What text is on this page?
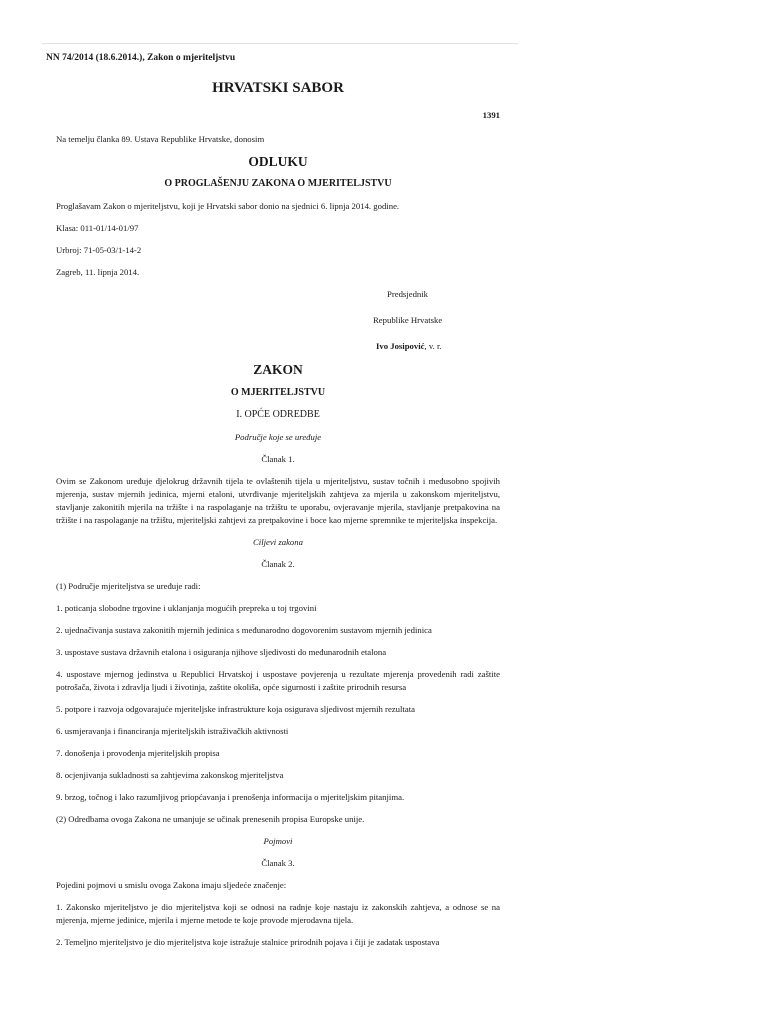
NN 74/2014 (18.6.2014.), Zakon o mjeriteljstvu

HRVATSKI SABOR

1391

Na temelju članka 89. Ustava Republike Hrvatske, donosim

ODLUKU

O PROGLAŠENJU ZAKONA O MJERITELJSTVU

Proglašavam Zakon o mjeriteljstvu, koji je Hrvatski sabor donio na sjednici 6. lipnja 2014. godine.

Klasa: 011-01/14-01/97

Urbroj: 71-05-03/1-14-2

Zagreb, 11. lipnja 2014.

Predsjednik

Republike Hrvatske

Ivo Josipović, v. r.

ZAKON

O MJERITELJSTVU

I. OPĆE ODREDBE

Područje koje se uređuje

Članak 1.

Ovim se Zakonom uređuje djelokrug državnih tijela te ovlaštenih tijela u mjeriteljstvu, sustav točnih i međusobno spojivih mjerenja, sustav mjernih jedinica, mjerni etaloni, utvrđivanje mjeriteljskih zahtjeva za mjerila u zakonskom mjeriteljstvu, stavljanje zakonitih mjerila na tržište i na raspolaganje na tržištu te uporabu, ovjeravanje mjerila, stavljanje pretpakovina na tržište i na raspolaganje na tržištu, mjeriteljski zahtjevi za pretpakovine i boce kao mjerne spremnike te mjeriteljska inspekcija.

Ciljevi zakona

Članak 2.

(1) Područje mjeriteljstva se uređuje radi:

1. poticanja slobodne trgovine i uklanjanja mogućih prepreka u toj trgovini

2. ujednačivanja sustava zakonitih mjernih jedinica s međunarodno dogovorenim sustavom mjernih jedinica

3. uspostave sustava državnih etalona i osiguranja njihove sljedivosti do međunarodnih etalona

4. uspostave mjernog jedinstva u Republici Hrvatskoj i uspostave povjerenja u rezultate mjerenja provedenih radi zaštite potrošača, života i zdravlja ljudi i životinja, zaštite okoliša, opće sigurnosti i zaštite prirodnih resursa

5. potpore i razvoja odgovarajuće mjeriteljske infrastrukture koja osigurava sljedivost mjernih rezultata

6. usmjeravanja i financiranja mjeriteljskih istraživačkih aktivnosti

7. donošenja i provođenja mjeriteljskih propisa

8. ocjenjivanja sukladnosti sa zahtjevima zakonskog mjeriteljstva

9. brzog, točnog i lako razumljivog priopćavanja i prenošenja informacija o mjeriteljskim pitanjima.

(2) Odredbama ovoga Zakona ne umanjuje se učinak prenesenih propisa Europske unije.

Pojmovi

Članak 3.

Pojedini pojmovi u smislu ovoga Zakona imaju sljedeće značenje:

1. Zakonsko mjeriteljstvo je dio mjeriteljstva koji se odnosi na radnje koje nastaju iz zakonskih zahtjeva, a odnose se na mjerenja, mjerne jedinice, mjerila i mjerne metode te koje provode mjerodavna tijela.

2. Temeljno mjeriteljstvo je dio mjeriteljstva koje istražuje stalnice prirodnih pojava i čiji je zadatak uspostava
